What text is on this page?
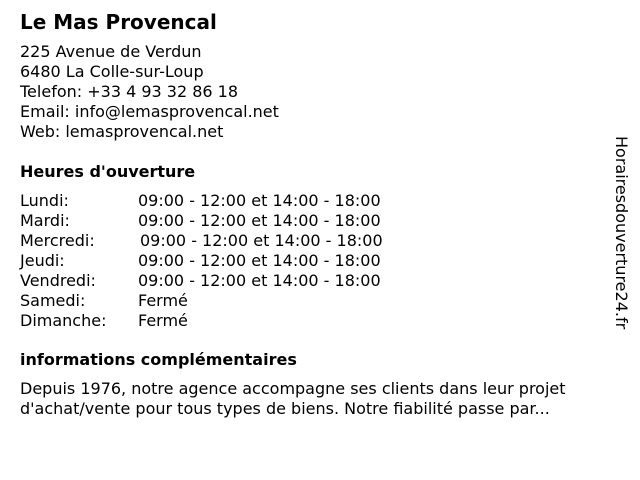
Le Mas Provencal
225 Avenue de Verdun
6480 La Colle-sur-Loup
Telefon: +33 4 93 32 86 18
Email: info@lemasprovencal.net
Web: lemasprovencal.net
Heures d'ouverture
Lundi:	09:00 - 12:00 et 14:00 - 18:00
Mardi:	09:00 - 12:00 et 14:00 - 18:00
Mercredi:	09:00 - 12:00 et 14:00 - 18:00
Jeudi:	09:00 - 12:00 et 14:00 - 18:00
Vendredi:	09:00 - 12:00 et 14:00 - 18:00
Samedi:	Fermé
Dimanche: Fermé
informations complémentaires
Depuis 1976, notre agence accompagne ses clients dans leur projet d'achat/vente pour tous types de biens. Notre fiabilité passe par...
Horairesdouverture24.fr
